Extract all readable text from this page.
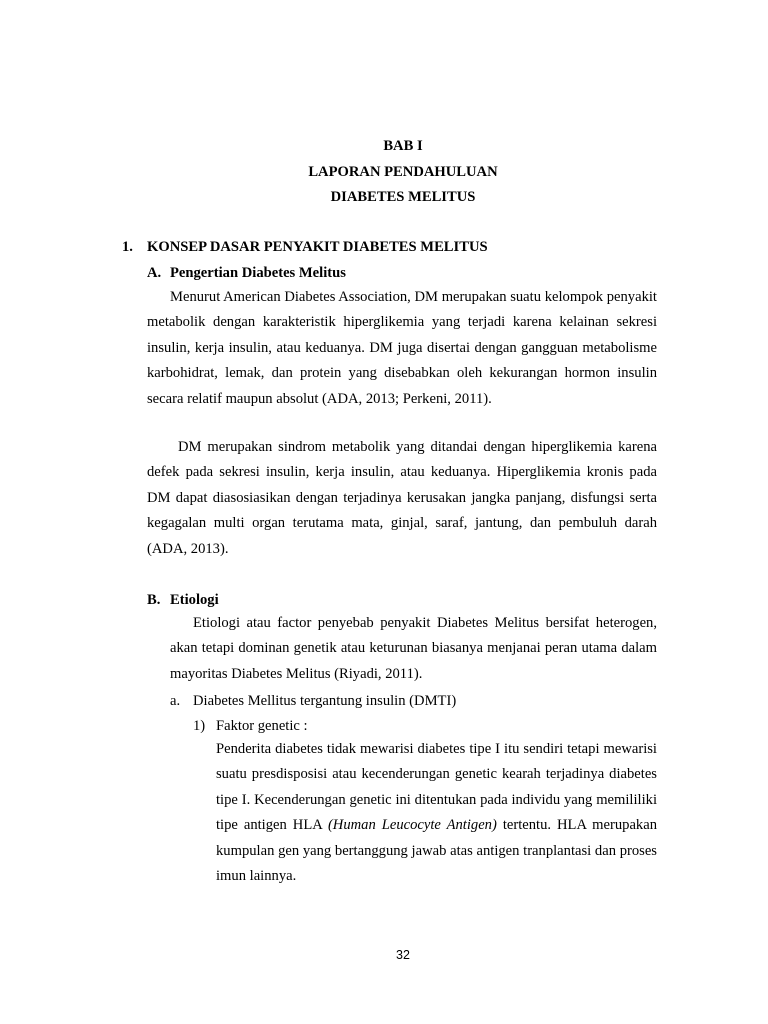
BAB I
LAPORAN PENDAHULUAN
DIABETES MELITUS
1. KONSEP DASAR PENYAKIT DIABETES MELITUS
A. Pengertian Diabetes Melitus
Menurut American Diabetes Association, DM merupakan suatu kelompok penyakit metabolik dengan karakteristik hiperglikemia yang terjadi karena kelainan sekresi insulin, kerja insulin, atau keduanya. DM juga disertai dengan gangguan metabolisme karbohidrat, lemak, dan protein yang disebabkan oleh kekurangan hormon insulin secara relatif maupun absolut (ADA, 2013; Perkeni, 2011).
DM merupakan sindrom metabolik yang ditandai dengan hiperglikemia karena defek pada sekresi insulin, kerja insulin, atau keduanya. Hiperglikemia kronis pada DM dapat diasosiasikan dengan terjadinya kerusakan jangka panjang, disfungsi serta kegagalan multi organ terutama mata, ginjal, saraf, jantung, dan pembuluh darah (ADA, 2013).
B. Etiologi
Etiologi atau factor penyebab penyakit Diabetes Melitus bersifat heterogen, akan tetapi dominan genetik atau keturunan biasanya menjanai peran utama dalam mayoritas Diabetes Melitus (Riyadi, 2011).
a. Diabetes Mellitus tergantung insulin (DMTI)
1) Faktor genetic :
Penderita diabetes tidak mewarisi diabetes tipe I itu sendiri tetapi mewarisi suatu presdisposisi atau kecenderungan genetic kearah terjadinya diabetes tipe I. Kecenderungan genetic ini ditentukan pada individu yang memililiki tipe antigen HLA (Human Leucocyte Antigen) tertentu. HLA merupakan kumpulan gen yang bertanggung jawab atas antigen tranplantasi dan proses imun lainnya.
32
